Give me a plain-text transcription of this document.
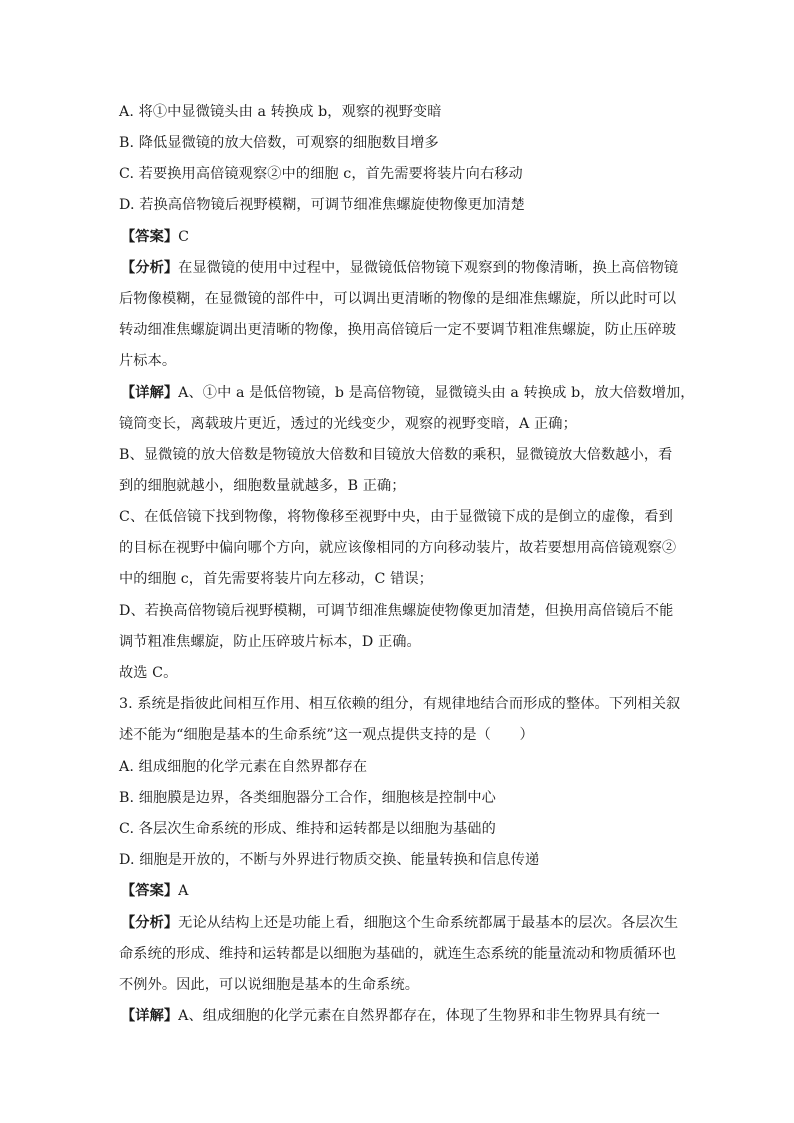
A. 将①中显微镜头由 a 转换成 b，观察的视野变暗
B. 降低显微镜的放大倍数，可观察的细胞数目增多
C. 若要换用高倍镜观察②中的细胞 c，首先需要将装片向右移动
D. 若换高倍物镜后视野模糊，可调节细准焦螺旋使物像更加清楚
【答案】C
【分析】在显微镜的使用中过程中，显微镜低倍物镜下观察到的物像清晰，换上高倍物镜
后物像模糊，在显微镜的部件中，可以调出更清晰的物像的是细准焦螺旋，所以此时可以
转动细准焦螺旋调出更清晰的物像，换用高倍镜后一定不要调节粗准焦螺旋，防止压碎玻
片标本。
【详解】A、①中 a 是低倍物镜，b 是高倍物镜，显微镜头由 a 转换成 b，放大倍数增加，
镜筒变长，离载玻片更近，透过的光线变少，观察的视野变暗，A 正确；
B、显微镜的放大倍数是物镜放大倍数和目镜放大倍数的乘积，显微镜放大倍数越小，看
到的细胞就越小，细胞数量就越多，B 正确；
C、在低倍镜下找到物像，将物像移至视野中央，由于显微镜下成的是倒立的虚像，看到
的目标在视野中偏向哪个方向，就应该像相同的方向移动装片，故若要想用高倍镜观察②
中的细胞 c，首先需要将装片向左移动，C 错误；
D、若换高倍物镜后视野模糊，可调节细准焦螺旋使物像更加清楚，但换用高倍镜后不能
调节粗准焦螺旋，防止压碎玻片标本，D 正确。
故选 C。
3. 系统是指彼此间相互作用、相互依赖的组分，有规律地结合而形成的整体。下列相关叙
述不能为“细胞是基本的生命系统”这一观点提供支持的是（　　）
A. 组成细胞的化学元素在自然界都存在
B. 细胞膜是边界，各类细胞器分工合作，细胞核是控制中心
C. 各层次生命系统的形成、维持和运转都是以细胞为基础的
D. 细胞是开放的，不断与外界进行物质交换、能量转换和信息传递
【答案】A
【分析】无论从结构上还是功能上看，细胞这个生命系统都属于最基本的层次。各层次生
命系统的形成、维持和运转都是以细胞为基础的，就连生态系统的能量流动和物质循环也
不例外。因此，可以说细胞是基本的生命系统。
【详解】A、组成细胞的化学元素在自然界都存在，体现了生物界和非生物界具有统一
